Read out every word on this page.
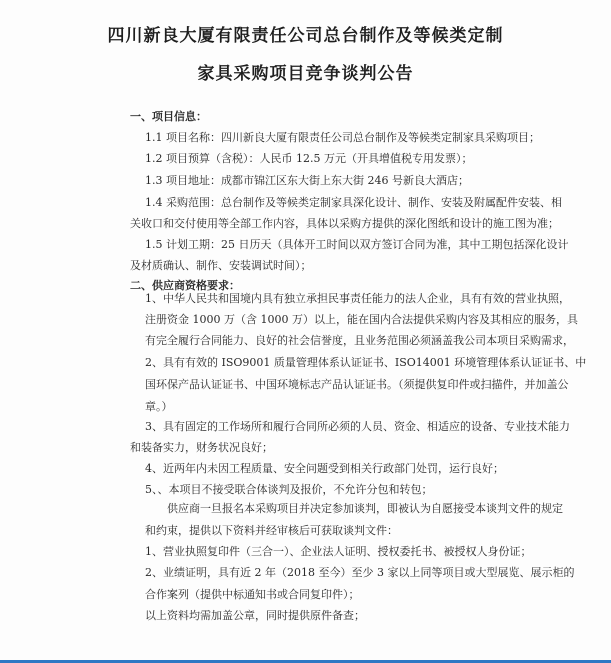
四川新良大厦有限责任公司总台制作及等候类定制
家具采购项目竞争谈判公告
一、项目信息：
1.1 项目名称：四川新良大厦有限责任公司总台制作及等候类定制家具采购项目；
1.2 项目预算（含税）：人民币 12.5 万元（开具增值税专用发票）；
1.3 项目地址：成都市锦江区东大街上东大街 246 号新良大酒店；
1.4 采购范围：总台制作及等候类定制家具深化设计、制作、安装及附属配件安装、相
关收口和交付使用等全部工作内容，具体以采购方提供的深化图纸和设计的施工图为准；
1.5 计划工期：25 日历天（具体开工时间以双方签订合同为准，其中工期包括深化设计
及材质确认、制作、安装调试时间）；
二、供应商资格要求：
1、中华人民共和国境内具有独立承担民事责任能力的法人企业，具有有效的营业执照，
注册资金 1000 万（含 1000 万）以上，能在国内合法提供采购内容及其相应的服务，具
有完全履行合同能力、良好的社会信誉度，且业务范围必须涵盖我公司本项目采购需求，
2、具有有效的 ISO9001 质量管理体系认证证书、ISO14001 环境管理体系认证证书、中
国环保产品认证证书、中国环境标志产品认证证书。（须提供复印件或扫描件，并加盖公
章。）
3、具有固定的工作场所和履行合同所必须的人员、资金、相适应的设备、专业技术能力
和装备实力，财务状况良好；
4、近两年内未因工程质量、安全问题受到相关行政部门处罚，运行良好；
5、、本项目不接受联合体谈判及报价，不允许分包和转包；
供应商一旦报名本采购项目并决定参加谈判，即被认为自愿接受本谈判文件的规定
和约束，提供以下资料并经审核后可获取谈判文件：
1、营业执照复印件（三合一）、企业法人证明、授权委托书、被授权人身份证；
2、业绩证明，具有近 2 年（2018 至今）至少 3 家以上同等项目或大型展览、展示柜的
合作案列（提供中标通知书或合同复印件）；
以上资料均需加盖公章，同时提供原件备查；
